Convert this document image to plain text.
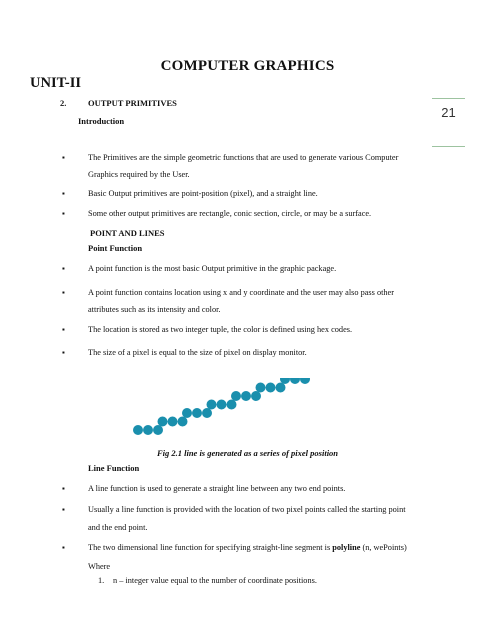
COMPUTER GRAPHICS
UNIT-II
2.	OUTPUT PRIMITIVES
21
Introduction
▪	The Primitives are the simple geometric functions that are used to generate various Computer
Graphics required by the User.
▪	Basic Output primitives are point-position (pixel), and a straight line.
▪	Some other output primitives are rectangle, conic section, circle, or may be a surface.
POINT AND LINES
Point Function
▪	A point function is the most basic Output primitive in the graphic package.
▪	A point function contains location using x and y coordinate and the user may also pass other
attributes such as its intensity and color.
▪	The location is stored as two integer tuple, the color is defined using hex codes.
▪	The size of a pixel is equal to the size of pixel on display monitor.
Fig 2.1 line is generated as a series of pixel position
Line Function
▪	A line function is used to generate a straight line between any two end points.
▪	Usually a line function is provided with the location of two pixel points called the starting point
and the end point.
▪	The two dimensional line function for specifying straight-line segment is polyline (n, wePoints)
Where
1. n – integer value equal to the number of coordinate positions.
